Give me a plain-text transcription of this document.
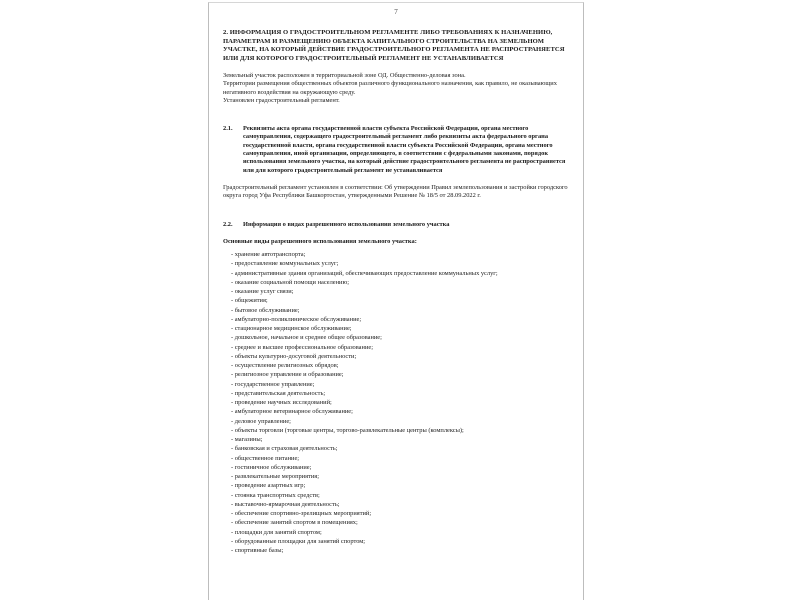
7

2. ИНФОРМАЦИЯ О ГРАДОСТРОИТЕЛЬНОМ РЕГЛАМЕНТЕ ЛИБО ТРЕБОВАНИЯХ К НАЗНАЧЕНИЮ, ПАРАМЕТРАМ И РАЗМЕЩЕНИЮ ОБЪЕКТА КАПИТАЛЬНОГО СТРОИТЕЛЬСТВА НА ЗЕМЕЛЬНОМ УЧАСТКЕ, НА КОТОРЫЙ ДЕЙСТВИЕ ГРАДОСТРОИТЕЛЬНОГО РЕГЛАМЕНТА НЕ РАСПРОСТРАНЯЕТСЯ ИЛИ ДЛЯ КОТОРОГО ГРАДОСТРОИТЕЛЬНЫЙ РЕГЛАМЕНТ НЕ УСТАНАВЛИВАЕТСЯ

Земельный участок расположен в территориальной зоне ОД. Общественно-деловая зона.

Территории размещения общественных объектов различного функционального назначения, как правило, не оказывающих негативного воздействия на окружающую среду.

Установлен градостроительный регламент.

2.1.	Реквизиты акта органа государственной власти субъекта Российской Федерации, органа местного самоуправления, содержащего градостроительный регламент либо реквизиты акта федерального органа государственной власти, органа государственной власти субъекта Российской Федерации, органа местного самоуправления, иной организации, определяющего, в соответствии с федеральными законами, порядок использования земельного участка, на который действие градостроительного регламента не распространяется или для которого градостроительный регламент не устанавливается

Градостроительный регламент установлен в соответствии: Об утверждении Правил землепользования и застройки городского округа город Уфа Республики Башкортостан, утвержденными Решение № 18/5 от 28.09.2022 г.

2.2.	Информация о видах разрешенного использования земельного участка

Основные виды разрешенного использования земельного участка:

- хранение автотранспорта;
- предоставление коммунальных услуг;
- административные здания организаций, обеспечивающих предоставление коммунальных услуг;
- оказание социальной помощи населению;
- оказание услуг связи;
- общежития;
- бытовое обслуживание;
- амбулаторно-поликлиническое обслуживание;
- стационарное медицинское обслуживание;
- дошкольное, начальное и среднее общее образование;
- среднее и высшее профессиональное образование;
- объекты культурно-досуговой деятельности;
- осуществление религиозных обрядов;
- религиозное управление и образование;
- государственное управление;
- представительская деятельность;
- проведение научных исследований;
- амбулаторное ветеринарное обслуживание;
- деловое управление;
- объекты торговли (торговые центры, торгово-развлекательные центры (комплексы);
- магазины;
- банковская и страховая деятельность;
- общественное питание;
- гостиничное обслуживание;
- развлекательные мероприятия;
- проведение азартных игр;
- стоянка транспортных средств;
- выставочно-ярмарочная деятельность;
- обеспечение спортивно-зрелищных мероприятий;
- обеспечение занятий спортом в помещениях;
- площадки для занятий спортом;
- оборудованные площадки для занятий спортом;
- спортивные базы;
